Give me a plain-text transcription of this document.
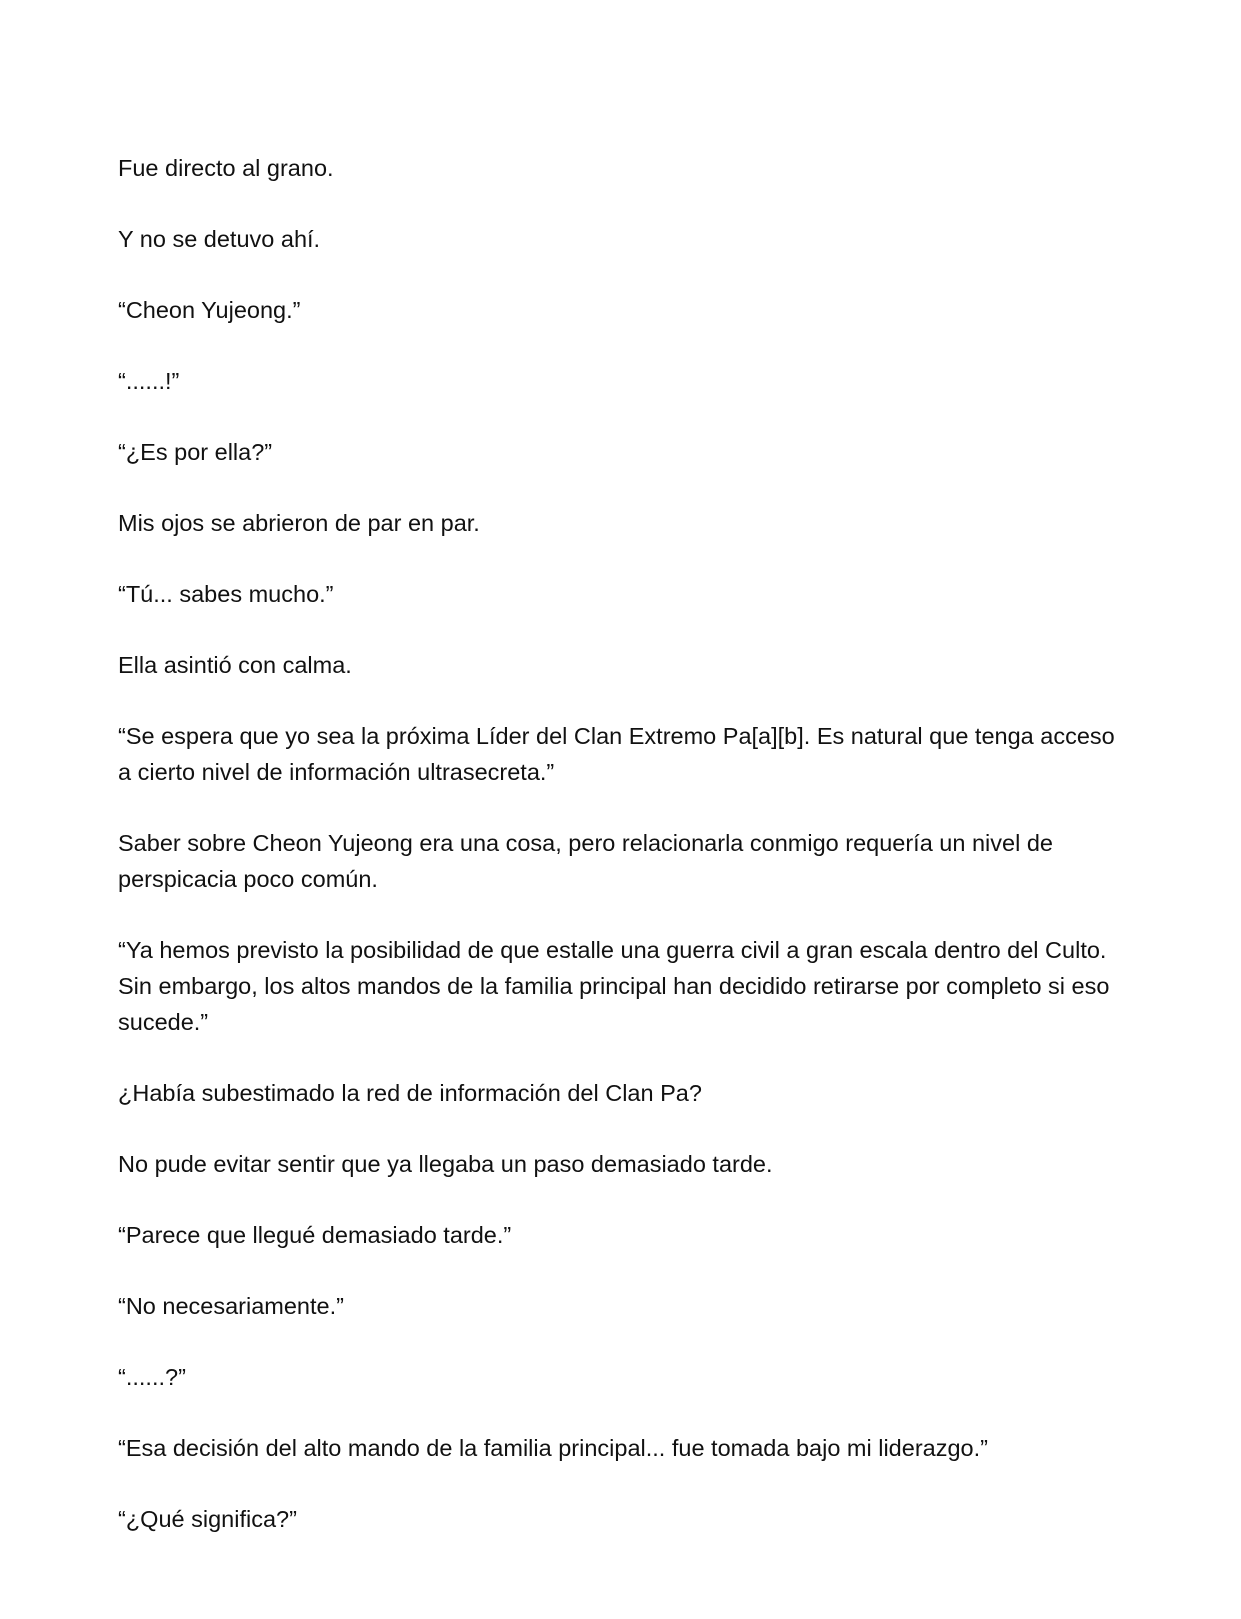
Fue directo al grano.

Y no se detuvo ahí.

“Cheon Yujeong.”

“......!”

“¿Es por ella?”

Mis ojos se abrieron de par en par.

“Tú... sabes mucho.”

Ella asintió con calma.

“Se espera que yo sea la próxima Líder del Clan Extremo Pa[a][b]. Es natural que tenga acceso a cierto nivel de información ultrasecreta.”

Saber sobre Cheon Yujeong era una cosa, pero relacionarla conmigo requería un nivel de perspicacia poco común.

“Ya hemos previsto la posibilidad de que estalle una guerra civil a gran escala dentro del Culto. Sin embargo, los altos mandos de la familia principal han decidido retirarse por completo si eso sucede.”

¿Había subestimado la red de información del Clan Pa?

No pude evitar sentir que ya llegaba un paso demasiado tarde.

“Parece que llegué demasiado tarde.”

“No necesariamente.”

“......?”

“Esa decisión del alto mando de la familia principal... fue tomada bajo mi liderazgo.”

“¿Qué significa?”
